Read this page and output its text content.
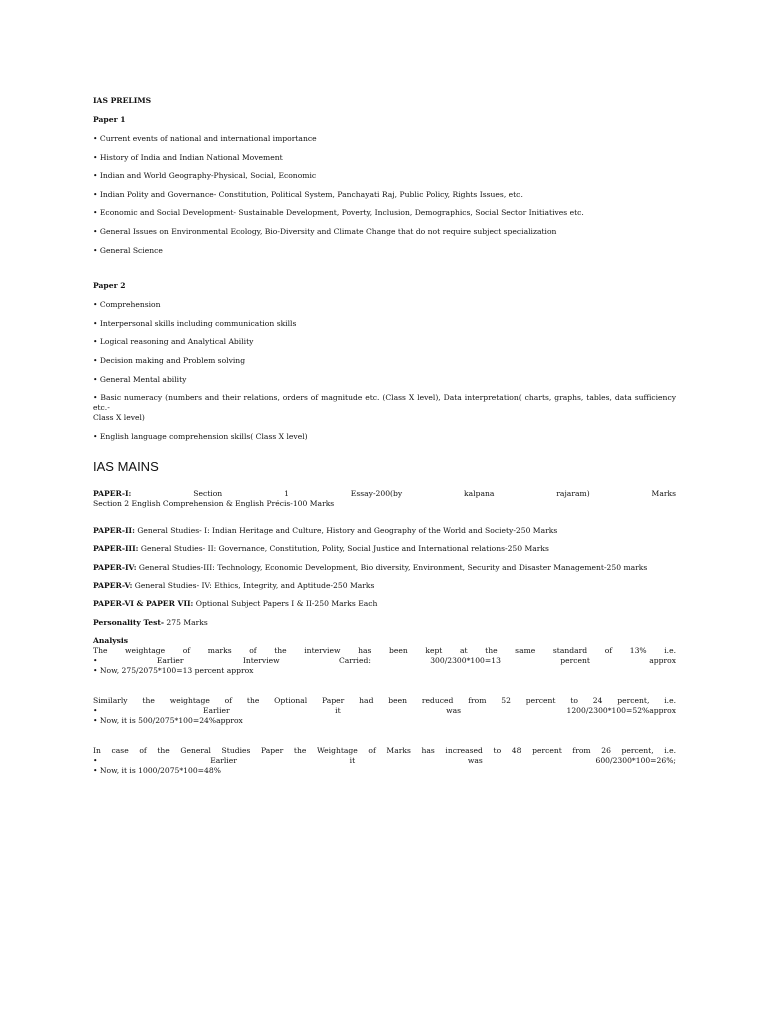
IAS PRELIMS

Paper 1

• Current events of national and international importance

• History of India and Indian National Movement

• Indian and World Geography-Physical, Social, Economic

• Indian Polity and Governance- Constitution, Political System, Panchayati Raj, Public Policy, Rights Issues, etc.

• Economic and Social Development- Sustainable Development, Poverty, Inclusion, Demographics, Social Sector Initiatives etc.

• General Issues on Environmental Ecology, Bio-Diversity and Climate Change that do not require subject specialization

• General Science

Paper 2

• Comprehension

• Interpersonal skills including communication skills

• Logical reasoning and Analytical Ability

• Decision making and Problem solving

• General Mental ability

• Basic numeracy (numbers and their relations, orders of magnitude etc. (Class X level), Data interpretation( charts, graphs, tables, data sufficiency etc.-
Class X level)

• English language comprehension skills( Class X level)

IAS MAINS

PAPER-I:	Section 1 Essay-200(by kalpana rajaram) Marks
Section 2 English Comprehension & English Précis-100 Marks

PAPER-II: General Studies- I: Indian Heritage and Culture, History and Geography of the World and Society-250 Marks

PAPER-III: General Studies- II: Governance, Constitution, Polity, Social Justice and International relations-250 Marks

PAPER-IV: General Studies-III: Technology, Economic Development, Bio diversity, Environment, Security and Disaster Management-250 marks

PAPER-V: General Studies- IV: Ethics, Integrity, and Aptitude-250 Marks

PAPER-VI & PAPER VII: Optional Subject Papers I & II-250 Marks Each

Personality Test- 275 Marks

Analysis

The weightage of marks of the interview has been kept at the same standard of 13% i.e.
• Earlier Interview Carried: 300/2300*100=13 percent approx
• Now, 275/2075*100=13 percent approx
Similarly the weightage of the Optional Paper had been reduced from 52 percent to 24 percent, i.e.
• Earlier it was 1200/2300*100=52%approx
• Now, it is 500/2075*100=24%approx
In case of the General Studies Paper the Weightage of Marks has increased to 48 percent from 26 percent, i.e.
• Earlier it was 600/2300*100=26%;
• Now, it is 1000/2075*100=48%
